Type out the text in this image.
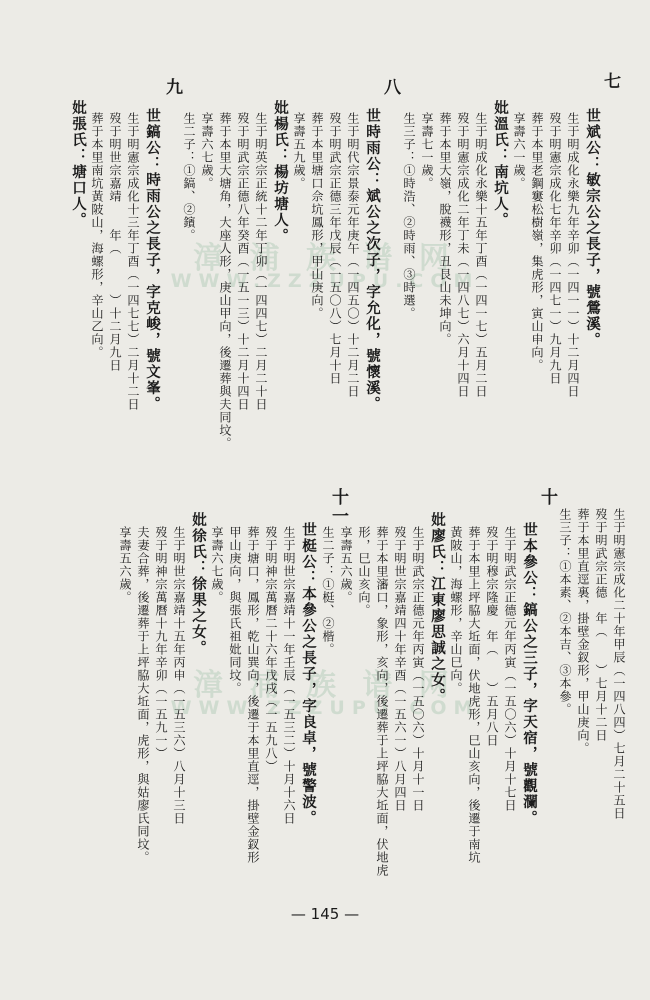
漳 浦 族 谱 网
WWW.ZZZUPU.COM
漳 浦 族 谱 网
WWW.ZZZUPU.COM
七
八
九
十
十一
世斌公：敏宗公之長子，號鶯溪。
生于明成化永樂九年辛卯（一四一一）十二月四日
歿于明憲宗成化七年辛卯（一四七一）九月九日
葬于本里老鋼窶松樹嶺，集虎形，寅山申向。
享壽六一歲。
妣溫氏：南坑人。
生于明成化永樂十五年丁酉（一四一七）五月二日
歿于明憲宗成化二年丁未（一四八七）六月十四日
葬于本里大嶺，脫襪形，丑艮山未坤向。
享壽七一歲。
生三子：①時浩、②時雨、③時選。
世時雨公：斌公之次子，字允化，號懷溪。
生于明代宗景泰元年庚午（一四五〇）十二月二日
歿于明武宗正德三年戊辰（一五〇八）七月十日
葬于本里塘口佘坑鳳形，甲山庚向。
享壽五九歲。
妣楊氏：楊坊塘人。
生于明英宗正統十二年丁卯（一四四七）二月二十日
歿于明武宗正德八年癸酉（一五一三）十二月十四日
葬于本里大塘角，大座人形，庚山甲向，後遷葬與夫同坟。
享壽六七歲。
生二子：①鎬、②鑌。
世鎬公：時雨公之長子，字克峻，號文峯。
生于明憲宗成化十三年丁酉（一四七七）二月十二日
歿于明世宗嘉靖　　年（　　　）十二月九日
葬于本里南坑黃陂山，海螺形，辛山乙向。
妣張氏：塘口人。
生于明憲宗成化二十年甲辰（一四八四）七月二十五日
歿于明武宗正德　年（　　）七月十二日
葬于本里直逕裏，掛壁金釵形，甲山庚向。
生三子：①本素、②本吉、③本參。
世本參公：鎬公之三子，字天宿，號觀瀾。
生于明武宗正德元年丙寅（一五〇六）十月十七日
歿于明穆宗隆慶　年（　　）五月八日
葬于本里上坪脇大坵面，伏地虎形，巳山亥向，後遷于南坑
黃陂山，海螺形，辛山巳向。
妣廖氏：江東廖思誠之女。
生于明武宗正德元年丙寅（一五〇六）十月十一日
歿于明世宗嘉靖四十年辛酉（一五六一）八月四日
葬于本里瀋口，象形，亥向，後遷葬于上坪脇大坵面，伏地虎
形，巳山亥向。
享壽五六歲。
生二子：①梃、②楷。
世梃公：本參公之長子，字良卓，號警波。
生于明世宗嘉靖十一年壬辰（一五三二）十月十六日
歿于明神宗萬曆二十六年戊戌（一五九八）
葬于塘口，鳳形，乾山巽向，後遷于本里直逕，掛壁金釵形
甲山庚向，與張氏祖妣同坟。
享壽六七歲。
妣徐氏：徐果之女。
生于明世宗嘉靖十五年丙申（一五三六）八月十三日
歿于明神宗萬曆十九年辛卯（一五九一）
夫妻合葬，後遷葬于上坪脇大坵面，虎形，與姑廖氏同坟。
享壽五六歲。
— 145 —
